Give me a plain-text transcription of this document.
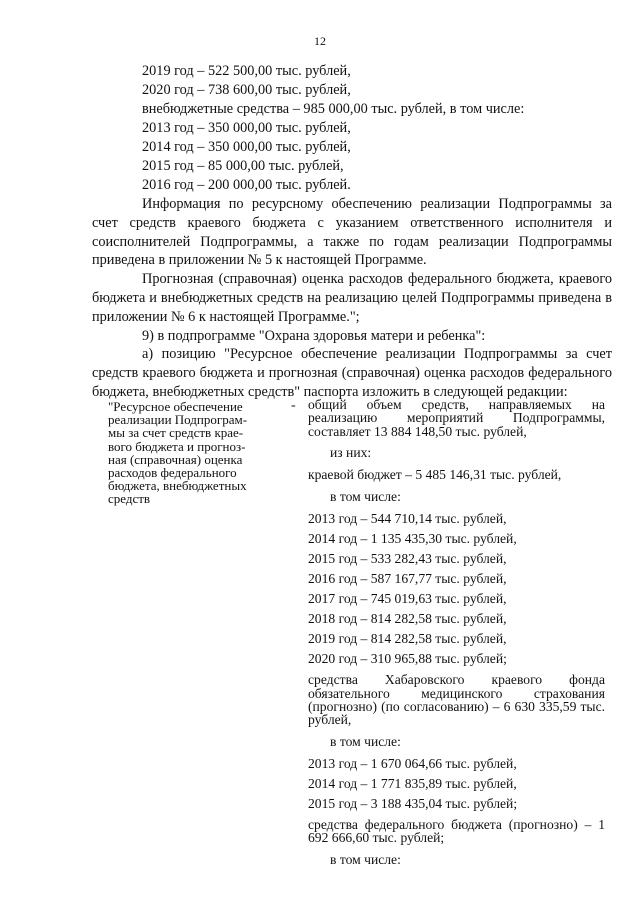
12

2019 год – 522 500,00 тыс. рублей,

2020 год – 738 600,00 тыс. рублей,

внебюджетные средства – 985 000,00 тыс. рублей, в том числе:

2013 год – 350 000,00 тыс. рублей,

2014 год – 350 000,00 тыс. рублей,

2015 год – 85 000,00 тыс. рублей,

2016 год – 200 000,00 тыс. рублей.

Информация по ресурсному обеспечению реализации Подпрограммы за счет средств краевого бюджета с указанием ответственного исполнителя и соисполнителей Подпрограммы, а также по годам реализации Подпрограммы приведена в приложении № 5 к настоящей Программе.

Прогнозная (справочная) оценка расходов федерального бюджета, краевого бюджета и внебюджетных средств на реализацию целей Подпрограммы приведена в приложении № 6 к настоящей Программе.";

9) в подпрограмме "Охрана здоровья матери и ребенка":

а) позицию "Ресурсное обеспечение реализации Подпрограммы за счет средств краевого бюджета и прогнозная (справочная) оценка расходов федерального бюджета, внебюджетных средств" паспорта изложить в следующей редакции:

"Ресурсное обеспечение

реализации Подпрограм-

мы за счет средств крае-

вого бюджета и прогноз-

ная (справочная) оценка

расходов федерального

бюджета, внебюджетных

средств

- общий объем средств, направляемых на реализацию мероприятий Подпрограммы, составляет 13 884 148,50 тыс. рублей,

из них:

краевой бюджет – 5 485 146,31 тыс. рублей,

в том числе:

2013 год – 544 710,14 тыс. рублей,

2014 год – 1 135 435,30 тыс. рублей,

2015 год – 533 282,43 тыс. рублей,

2016 год – 587 167,77 тыс. рублей,

2017 год – 745 019,63 тыс. рублей,

2018 год – 814 282,58 тыс. рублей,

2019 год – 814 282,58 тыс. рублей,

2020 год – 310 965,88 тыс. рублей;

средства Хабаровского краевого фонда обязательного медицинского страхования (прогнозно) (по согласованию) – 6 630 335,59 тыс. рублей,

в том числе:

2013 год – 1 670 064,66 тыс. рублей,

2014 год – 1 771 835,89 тыс. рублей,

2015 год – 3 188 435,04 тыс. рублей;

средства федерального бюджета (прогнозно) – 1 692 666,60 тыс. рублей;

в том числе:
